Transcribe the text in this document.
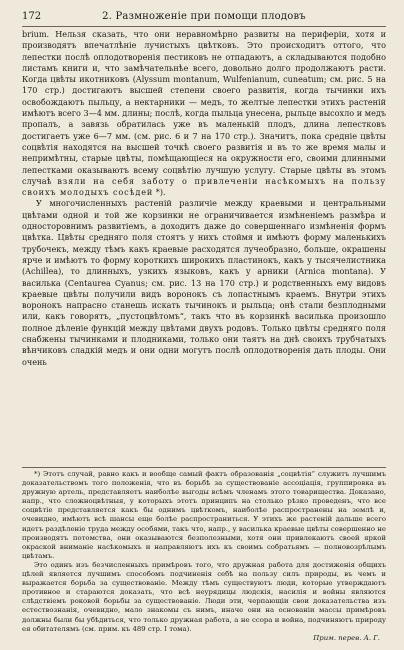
172	2. Размноженіе при помощи плодовъ

brium. Нельзя сказать, что они неравномѣрно развиты на периферіи, хотя и производятъ впечатлѣніе лучистыхъ цвѣтковъ. Это происходитъ оттого, что лепестки послѣ оплодотворенія пестиковъ не отпадаютъ, а складываются подобно листамъ книги и, что замѣчательнѣе всего, довольно долго продолжаютъ расти. Когда цвѣты икотниковъ (Alyssum montanum, Wulfenianum, cuneatum; см. рис. 5 на 170 стр.) достигаютъ высшей степени своего развитія, когда тычинки ихъ освобождаютъ пыльцу, а нектарники — медъ, то желтые лепестки этихъ растеній имѣютъ всего 3—4 мм. длины; послѣ, когда пыльца унесена, рыльце высохло и медъ пропалъ, а завязь обратилась уже въ маленькій плодъ, длина лепестковъ достигаетъ уже 6—7 мм. (см. рис. 6 и 7 на 170 стр.). Значитъ, пока средніе цвѣты соцвѣтія находятся на высшей точкѣ своего развитія и въ то же время малы и непримѣтны, старые цвѣты, помѣщающіеся на окружности его, своими длинными лепестками оказываютъ всему соцвѣтію лучшую услугу. Старые цвѣты въ этомъ случаѣ взяли на себя заботу о привлеченіи насѣкомыхъ на пользу своихъ молодыхъ сосѣдей *).

У многочисленныхъ растеній различіе между краевыми и центральными цвѣтами одной и той же корзинки не ограничивается измѣненіемъ размѣра и односторовнимъ развитіемъ, а доходитъ даже до совершеннаго измѣненія формъ цвѣтка. Цвѣты средняго поля стоятъ у нихъ стоймя и имѣютъ форму маленькихъ трубочекъ, между тѣмъ какъ краевые расходятся лучеобразно, больше, окрашены ярче и имѣютъ то форму короткихъ широкихъ пластинокъ, какъ у тысячелистника (Achillea), то длинныхъ, узкихъ языковъ, какъ у арники (Arnica montana). У василька (Centaurea Cyanus; см. рис. 13 на 170 стр.) и родственныхъ ему видовъ краевые цвѣты получили видъ воронокъ съ лопастнымъ краемъ. Внутри этихъ воронокъ напрасно станешь искать тычинокъ и рыльца; онѣ стали безплодными или, какъ говорятъ, „пустоцвѣтомъ“, такъ что въ корзинкѣ василька произошло полное дѣленіе функцій между цвѣтами двухъ родовъ. Только цвѣты средняго поля снабжены тычинками и плодниками, только они таятъ на днѣ своихъ трубчатыхъ вѣнчиковъ сладкій медъ и они одни могутъ послѣ оплодотворенія дать плоды. Они очень

*) Этотъ случай, равно какъ и вообще самый фактъ образованія „соцвѣтія“ служитъ лучшимъ доказательствомъ того положенія, что въ борьбѣ за существованіе ассоціація, группировка въ дружную артель, представляетъ наиболѣе выгоды всѣмъ членамъ этого товарищества. Доказано, напр., что сложноцвѣтныя, у которыхъ этотъ принципъ на столько рѣзко проведенъ, что все соцвѣтіе представляется какъ бы однимъ цвѣткомъ, наиболѣе распространены на землѣ и, очевидно, имѣютъ всѣ шансы еще болѣе распространиться. У этихъ же растеній дальше всего идетъ раздѣленіе труда между особями, такъ что, напр., у василька краевые цвѣты совершенно не производятъ потомства, они оказываются безполезными, хотя они привлекаютъ своей яркой окраской вниманіе насѣкомыхъ и направляютъ ихъ къ своимъ собратьямъ — полновозрѣлымъ цвѣтамъ.

Это одинъ изъ безчисленныхъ примѣровъ того, что дружная работа для достиженія общихъ цѣлей является лучшимъ способомъ подчиненія себѣ на пользу силъ природы, въ чемъ и выражается борьба за существованіе. Между тѣмъ существуютъ люди, которые утверждаютъ противное и стараются доказать, что всѣ неурядицы людскія, насилія и войны являются слѣдствіемъ роковой борьбы за существованіе. Люди эти, черпающіи свои доказательства изъ естествознанія, очевидно, мало знакомы съ нимъ, иначе они на основаніи массы примѣровъ должны были бы убѣдиться, что только дружная работа, а не ссора и война, подчиняютъ природу ея обитателямъ (см. прим. къ 489 стр. I тома).

Прим. перев. А. Г.
